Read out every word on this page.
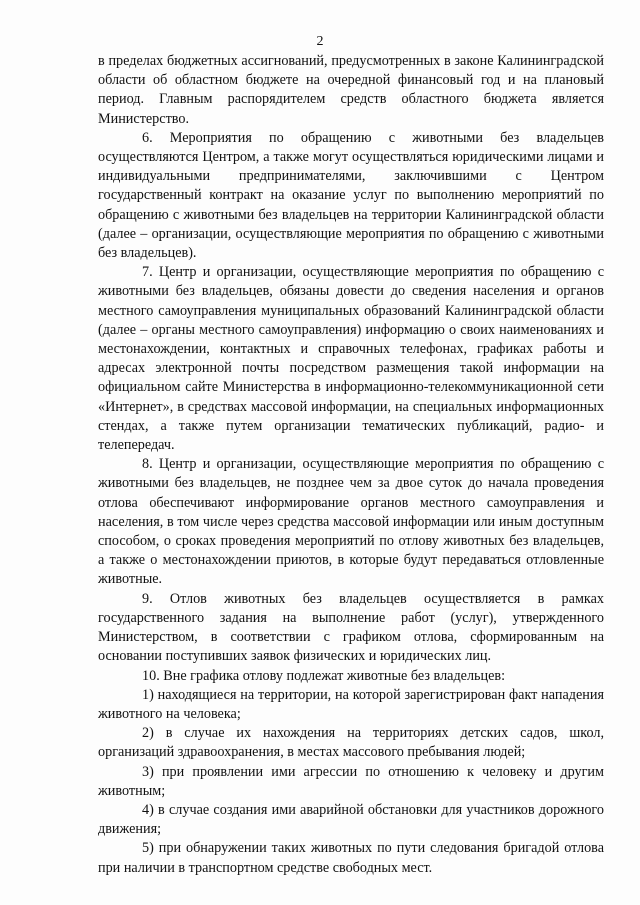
2

в пределах бюджетных ассигнований, предусмотренных в законе Калининградской области об областном бюджете на очередной финансовый год и на плановый период. Главным распорядителем средств областного бюджета является Министерство.

6. Мероприятия по обращению с животными без владельцев осуществляются Центром, а также могут осуществляться юридическими лицами и индивидуальными предпринимателями, заключившими с Центром государственный контракт на оказание услуг по выполнению мероприятий по обращению с животными без владельцев на территории Калининградской области (далее – организации, осуществляющие мероприятия по обращению с животными без владельцев).

7. Центр и организации, осуществляющие мероприятия по обращению с животными без владельцев, обязаны довести до сведения населения и органов местного самоуправления муниципальных образований Калининградской области (далее – органы местного самоуправления) информацию о своих наименованиях и местонахождении, контактных и справочных телефонах, графиках работы и адресах электронной почты посредством размещения такой информации на официальном сайте Министерства в информационно-телекоммуникационной сети «Интернет», в средствах массовой информации, на специальных информационных стендах, а также путем организации тематических публикаций, радио- и телепередач.

8. Центр и организации, осуществляющие мероприятия по обращению с животными без владельцев, не позднее чем за двое суток до начала проведения отлова обеспечивают информирование органов местного самоуправления и населения, в том числе через средства массовой информации или иным доступным способом, о сроках проведения мероприятий по отлову животных без владельцев, а также о местонахождении приютов, в которые будут передаваться отловленные животные.

9. Отлов животных без владельцев осуществляется в рамках государственного задания на выполнение работ (услуг), утвержденного Министерством, в соответствии с графиком отлова, сформированным на основании поступивших заявок физических и юридических лиц.

10. Вне графика отлову подлежат животные без владельцев:

1) находящиеся на территории, на которой зарегистрирован факт нападения животного на человека;

2) в случае их нахождения на территориях детских садов, школ, организаций здравоохранения, в местах массового пребывания людей;

3) при проявлении ими агрессии по отношению к человеку и другим животным;

4) в случае создания ими аварийной обстановки для участников дорожного движения;

5) при обнаружении таких животных по пути следования бригадой отлова при наличии в транспортном средстве свободных мест.
